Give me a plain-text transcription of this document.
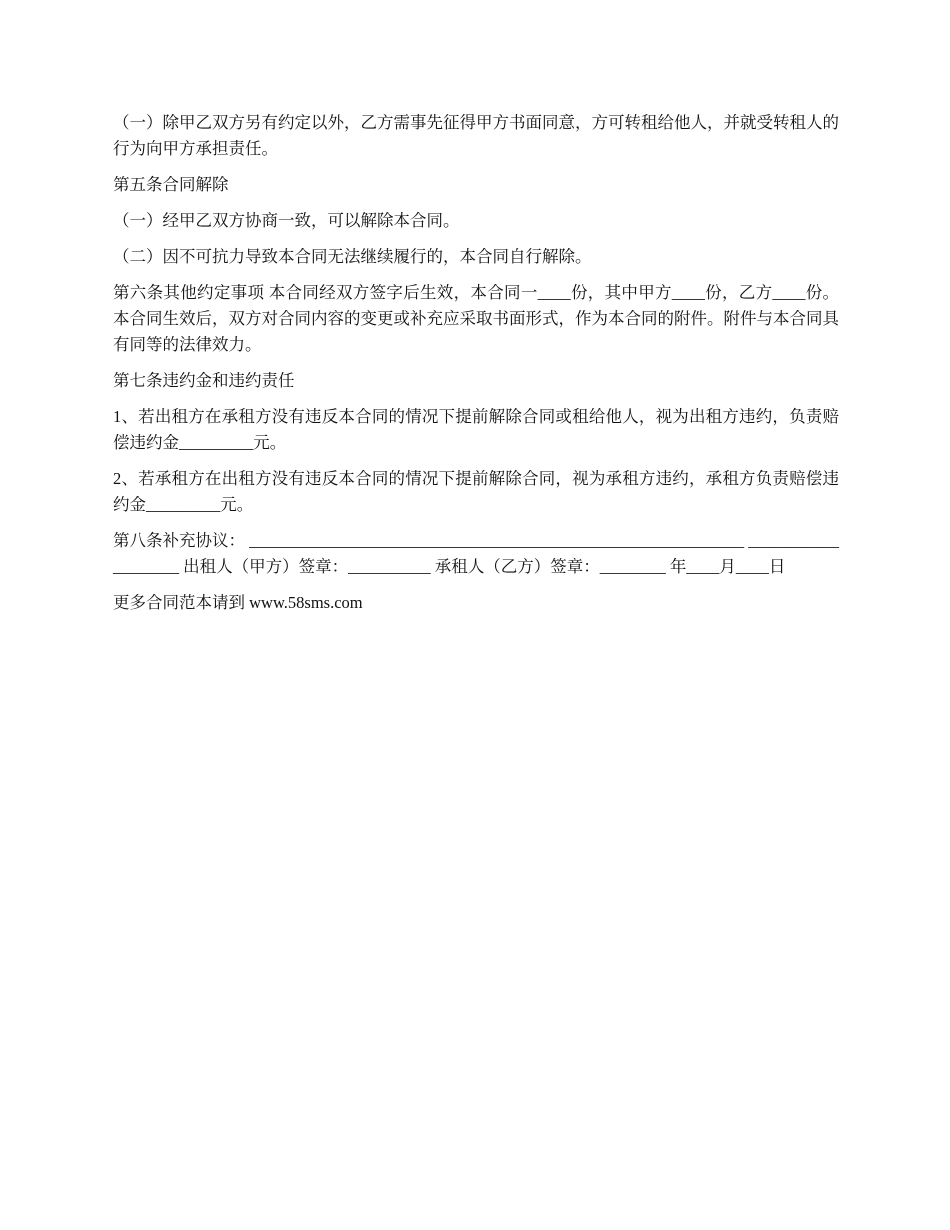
（一）除甲乙双方另有约定以外，乙方需事先征得甲方书面同意，方可转租给他人，并就受转租人的行为向甲方承担责任。

第五条合同解除

（一）经甲乙双方协商一致，可以解除本合同。

（二）因不可抗力导致本合同无法继续履行的，本合同自行解除。

第六条其他约定事项 本合同经双方签字后生效，本合同一____份，其中甲方____份，乙方____份。 本合同生效后，双方对合同内容的变更或补充应采取书面形式，作为本合同的附件。附件与本合同具有同等的法律效力。

第七条违约金和违约责任

1、若出租方在承租方没有违反本合同的情况下提前解除合同或租给他人，视为出租方违约，负责赔偿违约金_________元。

2、若承租方在出租方没有违反本合同的情况下提前解除合同，视为承租方违约，承租方负责赔偿违约金_________元。

第八条补充协议： ____________________________________________________________ ___________________ 出租人（甲方）签章：__________ 承租人（乙方）签章：________ 年____月____日

更多合同范本请到 www.58sms.com
